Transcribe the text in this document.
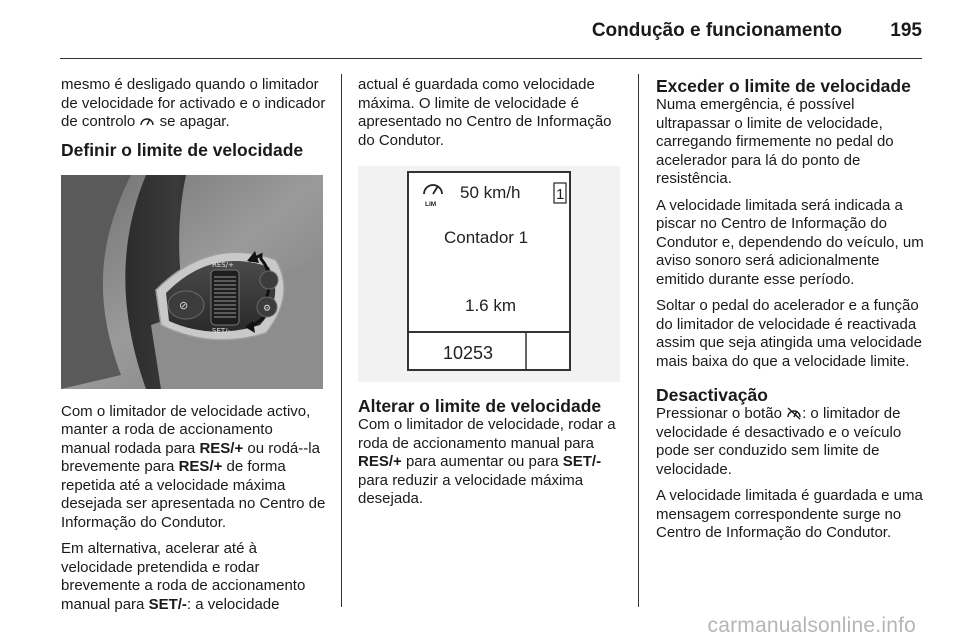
Condução e funcionamento	195

mesmo é desligado quando o limitador de velocidade for activado e o indicador de controlo se apagar.

Definir o limite de velocidade
⊘
RES/+
SET/-
⚙

Com o limitador de velocidade activo, manter a roda de accionamento manual rodada para RES/+ ou rodá--la brevemente para RES/+ de forma repetida até a velocidade máxima desejada ser apresentada no Centro de Informação do Condutor.

Em alternativa, acelerar até à velocidade pretendida e rodar brevemente a roda de accionamento manual para SET/-: a velocidade

actual é guardada como velocidade máxima. O limite de velocidade é apresentado no Centro de Informação do Condutor.

LIM
50 km/h 1
Contador 1
1.6 km
10253
Alterar o limite de velocidade

Com o limitador de velocidade, rodar a roda de accionamento manual para RES/+ para aumentar ou para SET/- para reduzir a velocidade máxima desejada.

Exceder o limite de velocidade

Numa emergência, é possível ultrapassar o limite de velocidade, carregando firmemente no pedal do acelerador para lá do ponto de resistência.

A velocidade limitada será indicada a piscar no Centro de Informação do Condutor e, dependendo do veículo, um aviso sonoro será adicionalmente emitido durante esse período.

Soltar o pedal do acelerador e a função do limitador de velocidade é reactivada assim que seja atingida uma velocidade mais baixa do que a velocidade limite.

Desactivação

Pressionar o botão : o limitador de velocidade é desactivado e o veículo pode ser conduzido sem limite de velocidade.

A velocidade limitada é guardada e uma mensagem correspondente surge no Centro de Informação do Condutor.

carmanualsonline.info
